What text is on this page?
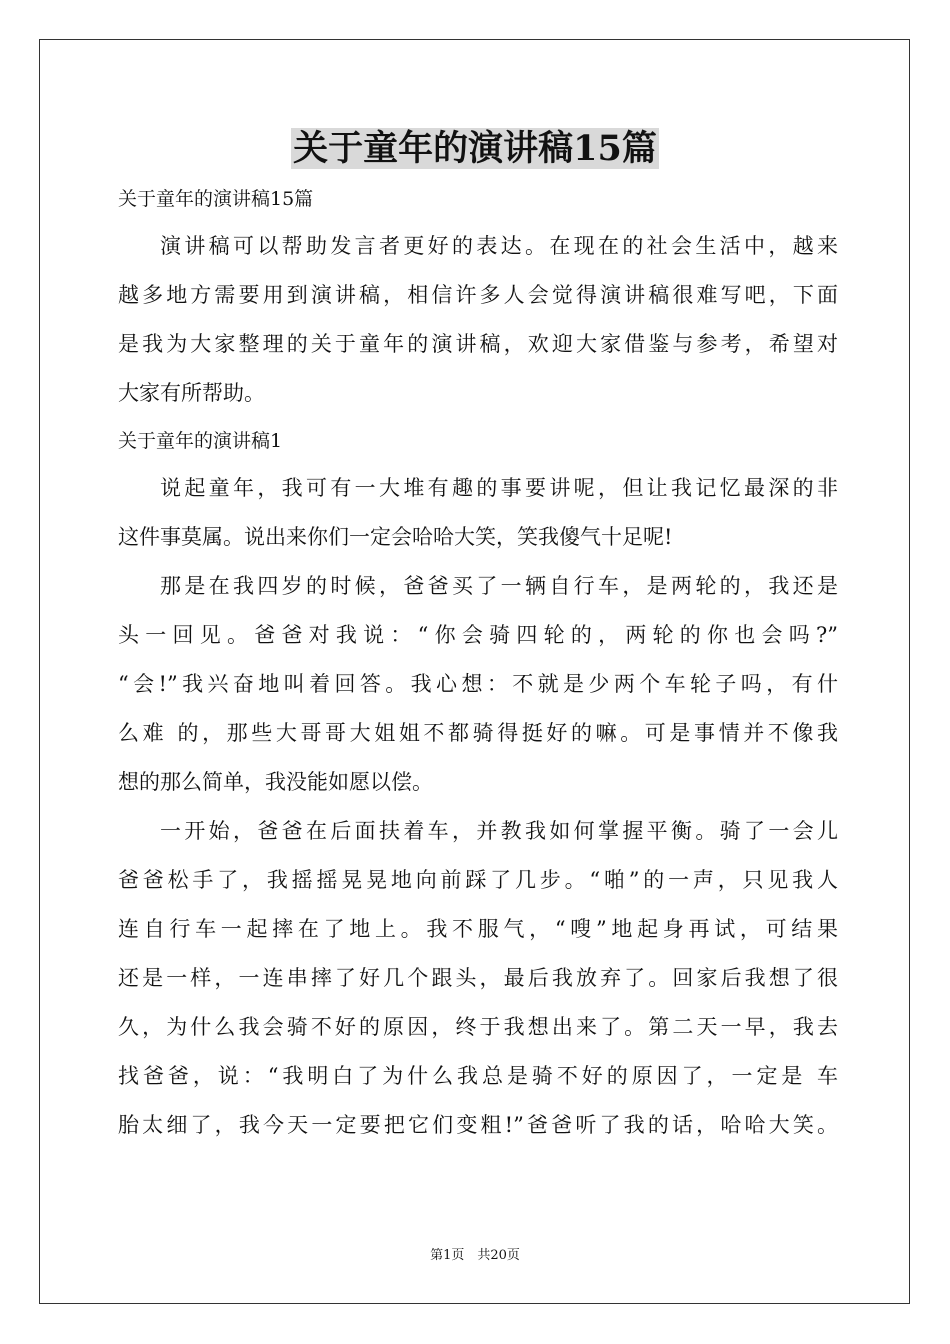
关于童年的演讲稿15篇
关于童年的演讲稿15篇
演讲稿可以帮助发言者更好的表达。在现在的社会生活中，越来
越多地方需要用到演讲稿，相信许多人会觉得演讲稿很难写吧，下面
是我为大家整理的关于童年的演讲稿，欢迎大家借鉴与参考，希望对
大家有所帮助。
关于童年的演讲稿1
说起童年，我可有一大堆有趣的事要讲呢，但让我记忆最深的非
这件事莫属。说出来你们一定会哈哈大笑，笑我傻气十足呢!
那是在我四岁的时候，爸爸买了一辆自行车，是两轮的，我还是
头一回见。爸爸对我说：“你会骑四轮的，两轮的你也会吗?”
“会!”我兴奋地叫着回答。我心想：不就是少两个车轮子吗，有什
么难 的，那些大哥哥大姐姐不都骑得挺好的嘛。可是事情并不像我
想的那么简单，我没能如愿以偿。
一开始，爸爸在后面扶着车，并教我如何掌握平衡。骑了一会儿
爸爸松手了，我摇摇晃晃地向前踩了几步。“啪”的一声，只见我人
连自行车一起摔在了地上。我不服气，“嗖”地起身再试，可结果
还是一样，一连串摔了好几个跟头，最后我放弃了。回家后我想了很
久，为什么我会骑不好的原因，终于我想出来了。第二天一早，我去
找爸爸，说：“我明白了为什么我总是骑不好的原因了，一定是 车
胎太细了，我今天一定要把它们变粗!”爸爸听了我的话，哈哈大笑。
第1页　共20页
